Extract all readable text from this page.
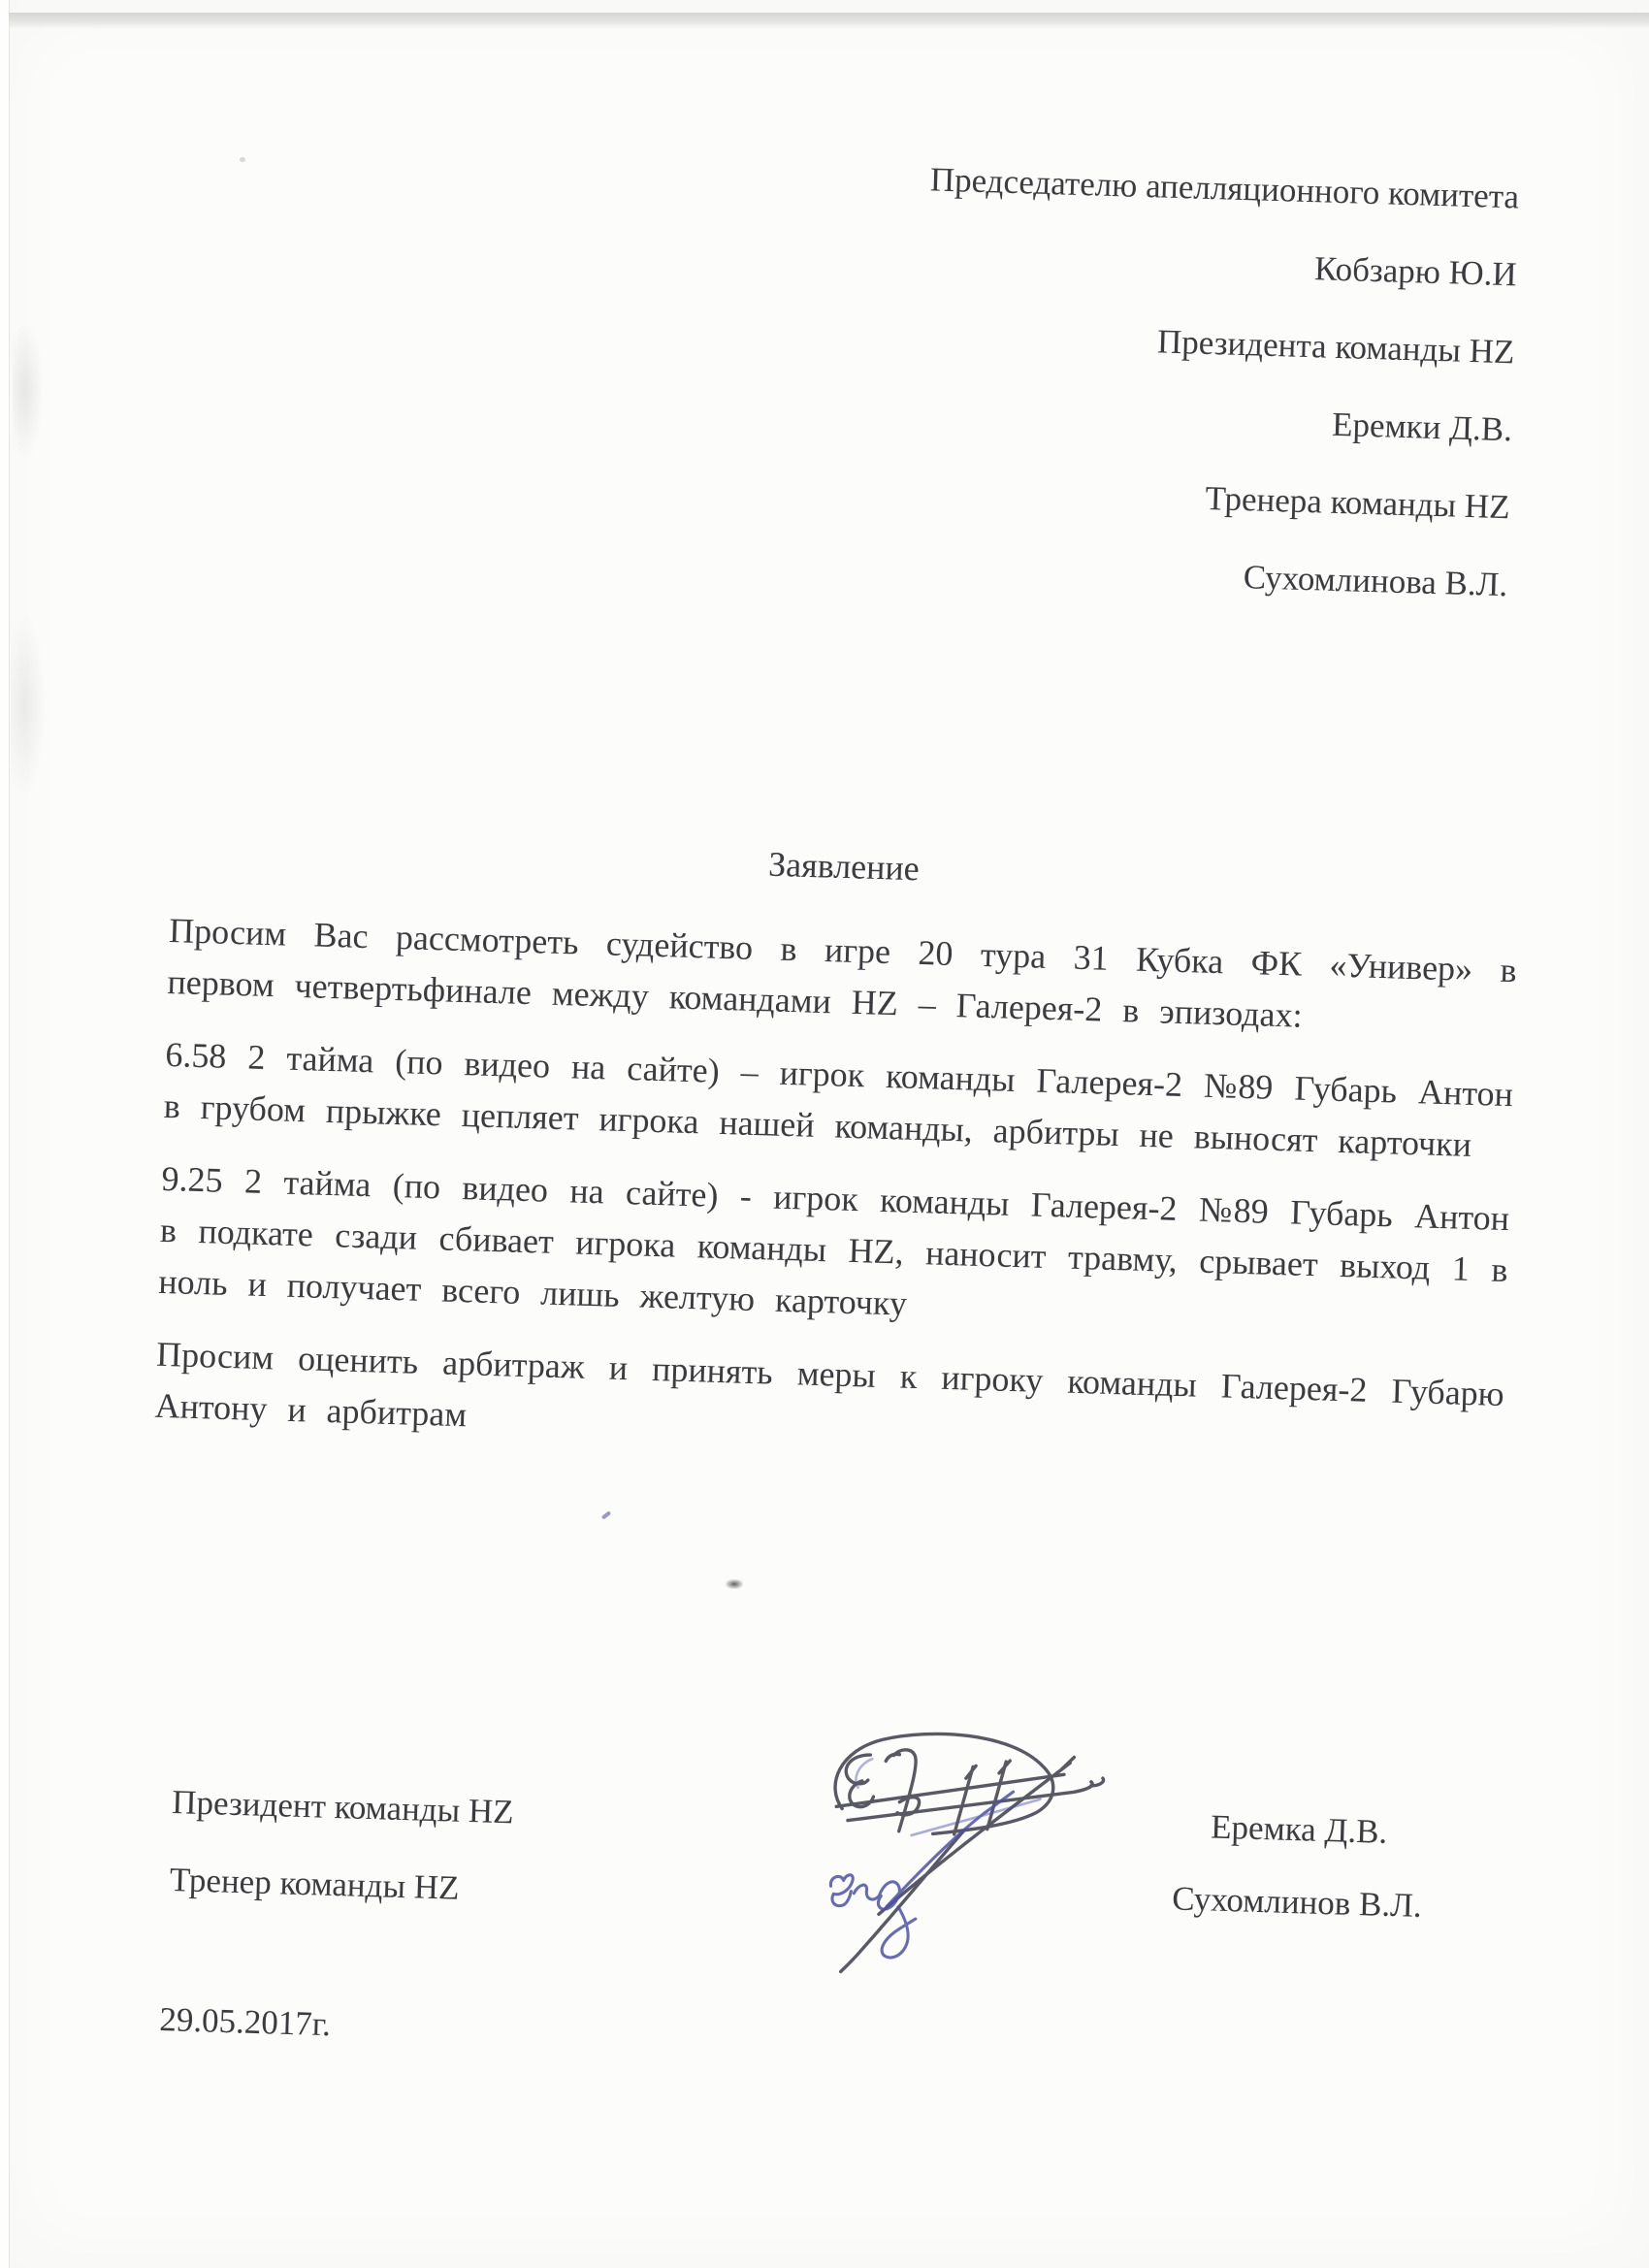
Председателю апелляционного комитета
Кобзарю Ю.И
Президента команды HZ
Еремки Д.В.
Тренера команды HZ
Сухомлинова В.Л.
Заявление

Просим Вас рассмотреть судейство в игре 20 тура 31 Кубка ФК «Универ» в первом четвертьфинале между командами HZ – Галерея-2 в эпизодах:

6.58 2 тайма (по видео на сайте) – игрок команды Галерея-2 №89 Губарь Антон в грубом прыжке цепляет игрока нашей команды, арбитры не выносят карточки

9.25 2 тайма (по видео на сайте) - игрок команды Галерея-2 №89 Губарь Антон в подкате сзади сбивает игрока команды HZ, наносит травму, срывает выход 1 в ноль и получает всего лишь желтую карточку

Просим оценить арбитраж и принять меры к игроку команды Галерея-2 Губарю Антону и арбитрам

Президент команды HZ
Тренер команды HZ
Еремка Д.В.
Сухомлинов В.Л.
29.05.2017г.
